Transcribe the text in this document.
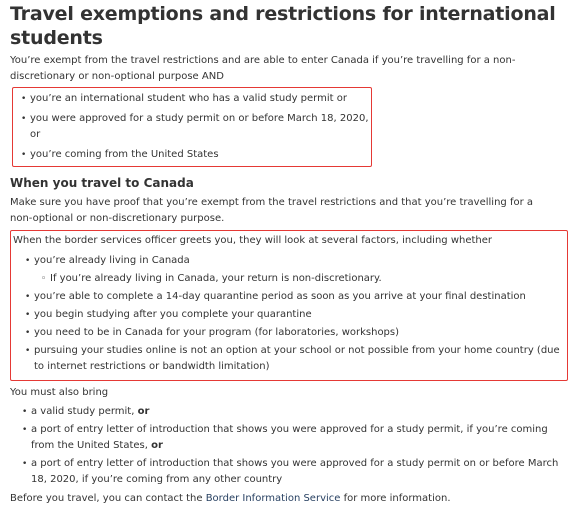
Travel exemptions and restrictions for international students

You’re exempt from the travel restrictions and are able to enter Canada if you’re travelling for a non-discretionary or non-optional purpose AND

• you’re an international student who has a valid study permit or
• you were approved for a study permit on or before March 18, 2020, or
• you’re coming from the United States
When you travel to Canada

Make sure you have proof that you’re exempt from the travel restrictions and that you’re travelling for a non-optional or non-discretionary purpose.

When the border services officer greets you, they will look at several factors, including whether

• you’re already living in Canada
◦ If you’re already living in Canada, your return is non-discretionary.
• you’re able to complete a 14-day quarantine period as soon as you arrive at your final destination
• you begin studying after you complete your quarantine
• you need to be in Canada for your program (for laboratories, workshops)
• pursuing your studies online is not an option at your school or not possible from your home country (due to internet restrictions or bandwidth limitation)

You must also bring

• a valid study permit, or
• a port of entry letter of introduction that shows you were approved for a study permit, if you’re coming from the United States, or
• a port of entry letter of introduction that shows you were approved for a study permit on or before March 18, 2020, if you’re coming from any other country

Before you travel, you can contact the Border Information Service for more information.
